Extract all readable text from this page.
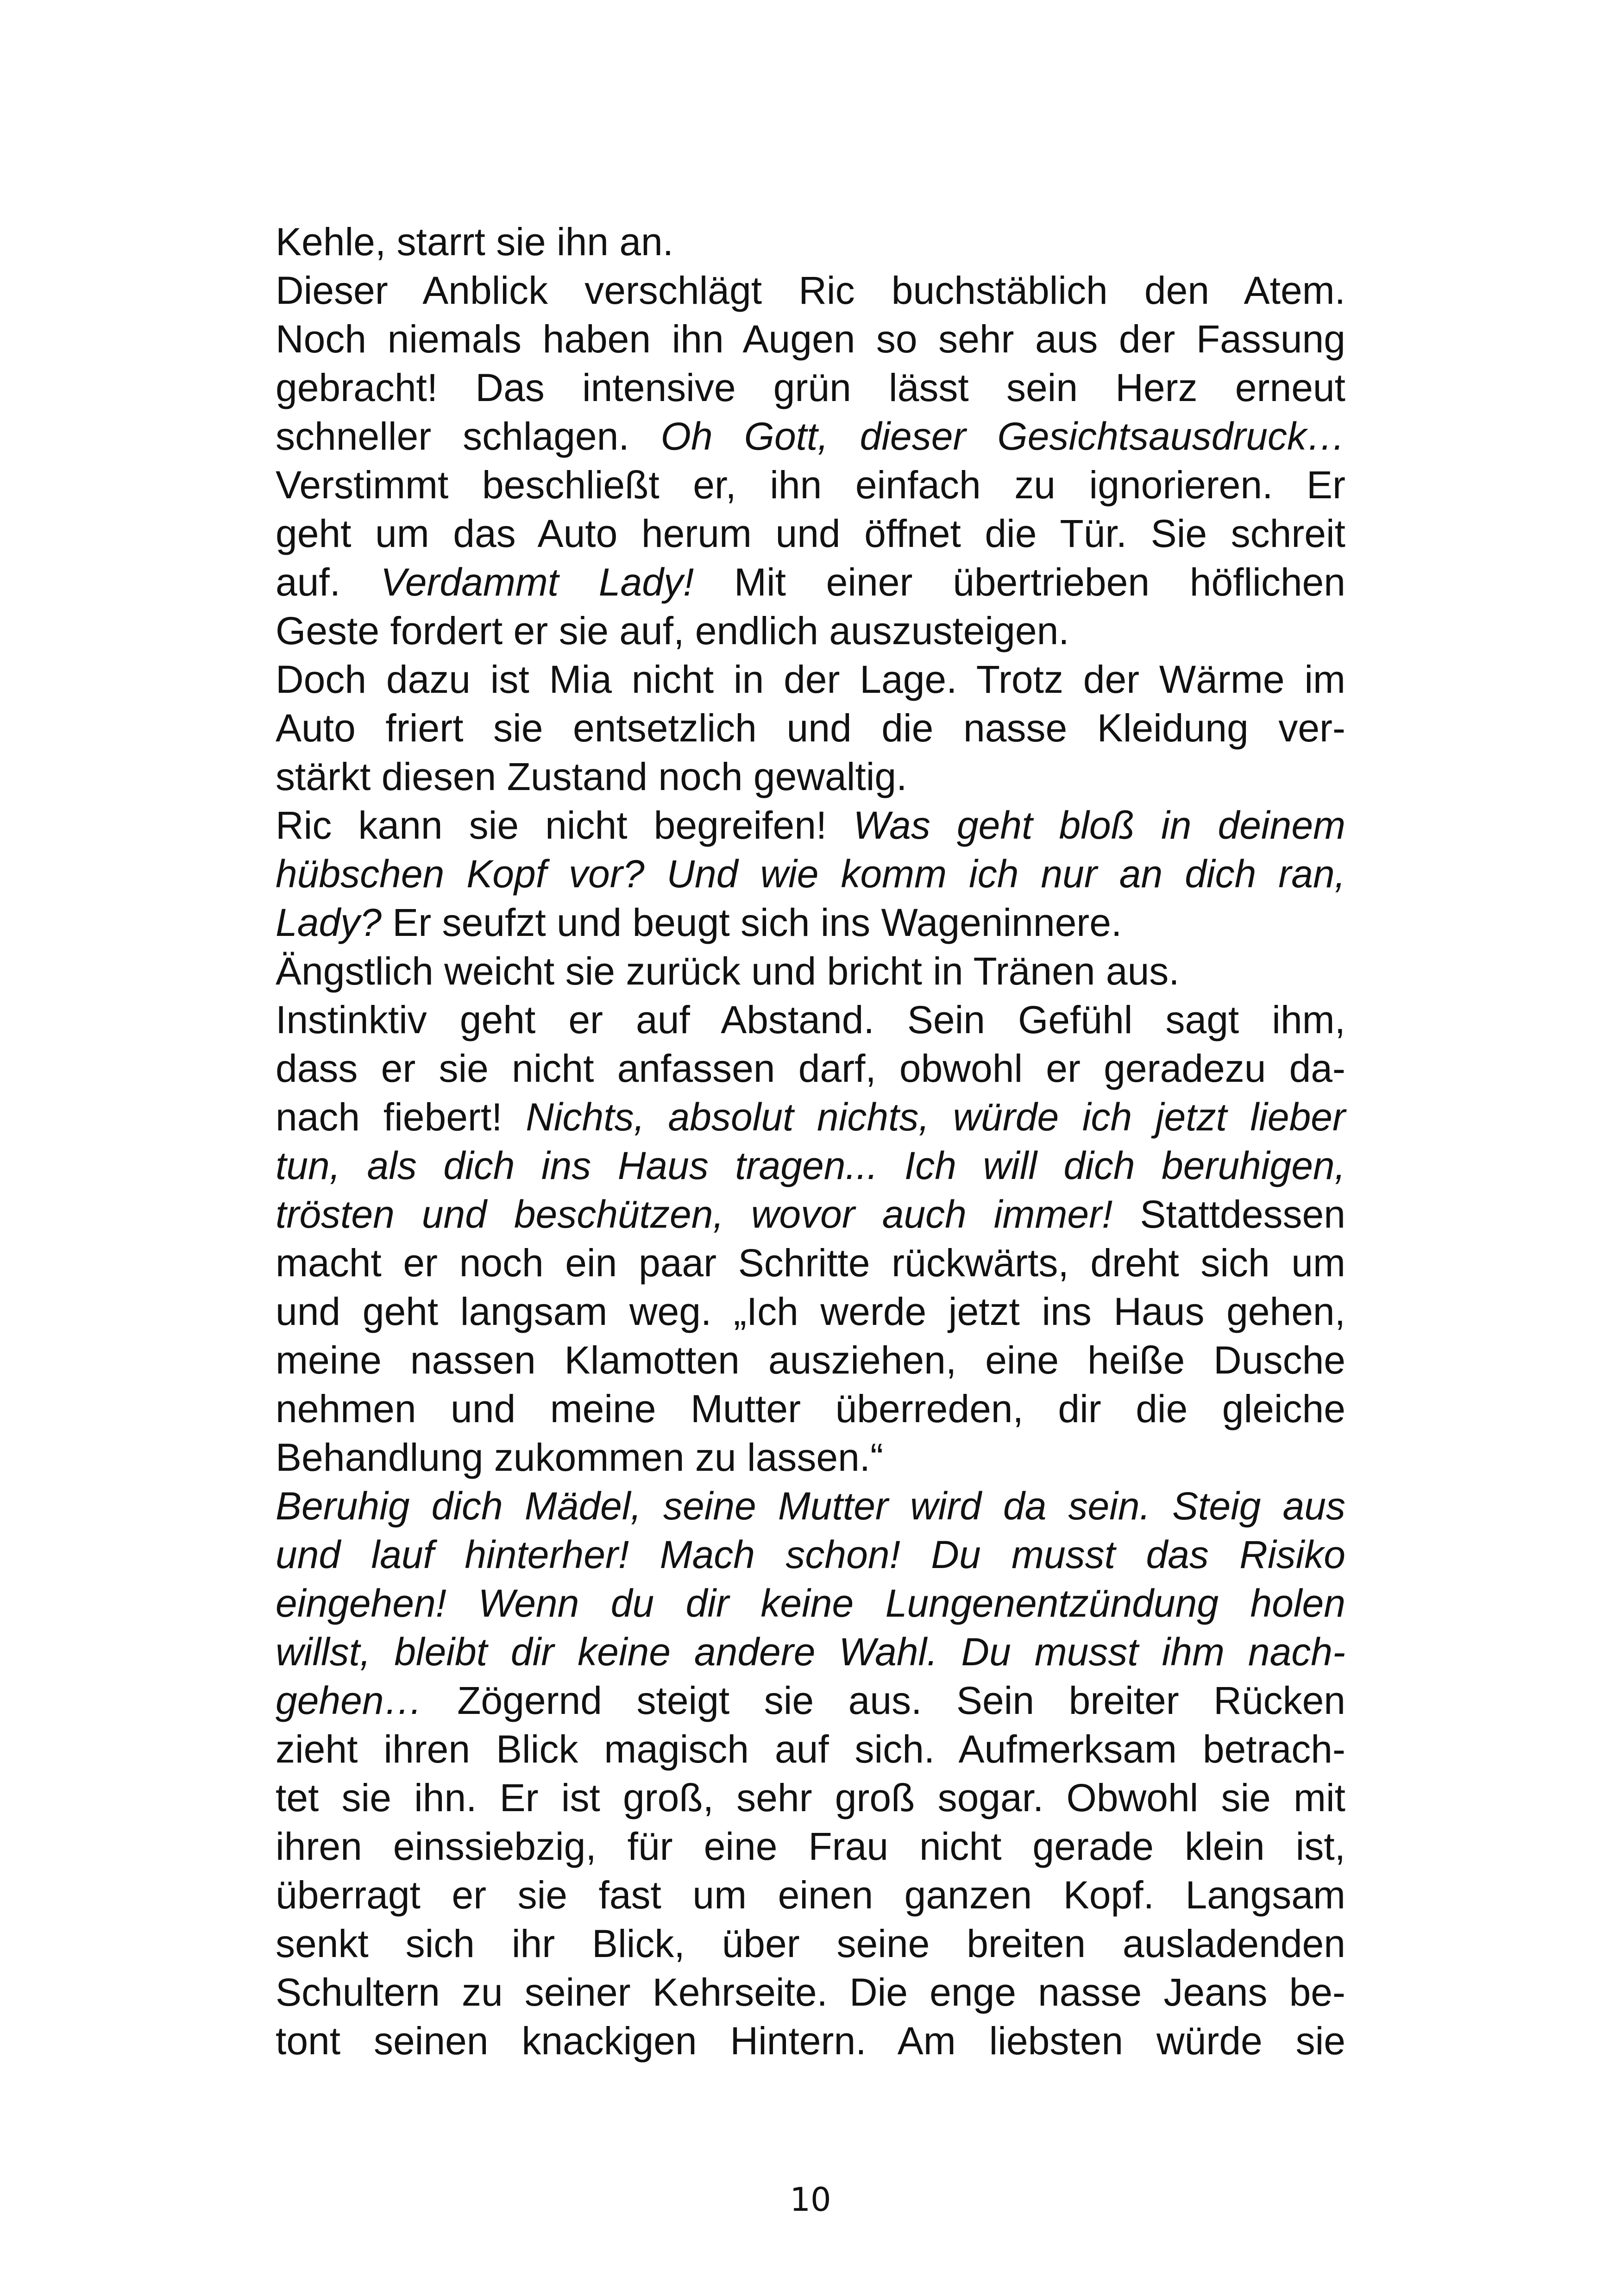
Kehle, starrt sie ihn an.
Dieser Anblick verschlägt Ric buchstäblich den Atem.
Noch niemals haben ihn Augen so sehr aus der Fassung
gebracht! Das intensive grün lässt sein Herz erneut
schneller schlagen. Oh Gott, dieser Gesichtsausdruck…
Verstimmt beschließt er, ihn einfach zu ignorieren. Er
geht um das Auto herum und öffnet die Tür. Sie schreit
auf. Verdammt Lady! Mit einer übertrieben höflichen
Geste fordert er sie auf, endlich auszusteigen.
Doch dazu ist Mia nicht in der Lage. Trotz der Wärme im
Auto friert sie entsetzlich und die nasse Kleidung ver-
stärkt diesen Zustand noch gewaltig.
Ric kann sie nicht begreifen! Was geht bloß in deinem
hübschen Kopf vor? Und wie komm ich nur an dich ran,
Lady? Er seufzt und beugt sich ins Wageninnere.
Ängstlich weicht sie zurück und bricht in Tränen aus.
Instinktiv geht er auf Abstand. Sein Gefühl sagt ihm,
dass er sie nicht anfassen darf, obwohl er geradezu da-
nach fiebert! Nichts, absolut nichts, würde ich jetzt lieber
tun, als dich ins Haus tragen... Ich will dich beruhigen,
trösten und beschützen, wovor auch immer! Stattdessen
macht er noch ein paar Schritte rückwärts, dreht sich um
und geht langsam weg. „Ich werde jetzt ins Haus gehen,
meine nassen Klamotten ausziehen, eine heiße Dusche
nehmen und meine Mutter überreden, dir die gleiche
Behandlung zukommen zu lassen.“
Beruhig dich Mädel, seine Mutter wird da sein. Steig aus
und lauf hinterher! Mach schon! Du musst das Risiko
eingehen! Wenn du dir keine Lungenentzündung holen
willst, bleibt dir keine andere Wahl. Du musst ihm nach-
gehen… Zögernd steigt sie aus. Sein breiter Rücken
zieht ihren Blick magisch auf sich. Aufmerksam betrach-
tet sie ihn. Er ist groß, sehr groß sogar. Obwohl sie mit
ihren einssiebzig, für eine Frau nicht gerade klein ist,
überragt er sie fast um einen ganzen Kopf. Langsam
senkt sich ihr Blick, über seine breiten ausladenden
Schultern zu seiner Kehrseite. Die enge nasse Jeans be-
tont seinen knackigen Hintern. Am liebsten würde sie
10
